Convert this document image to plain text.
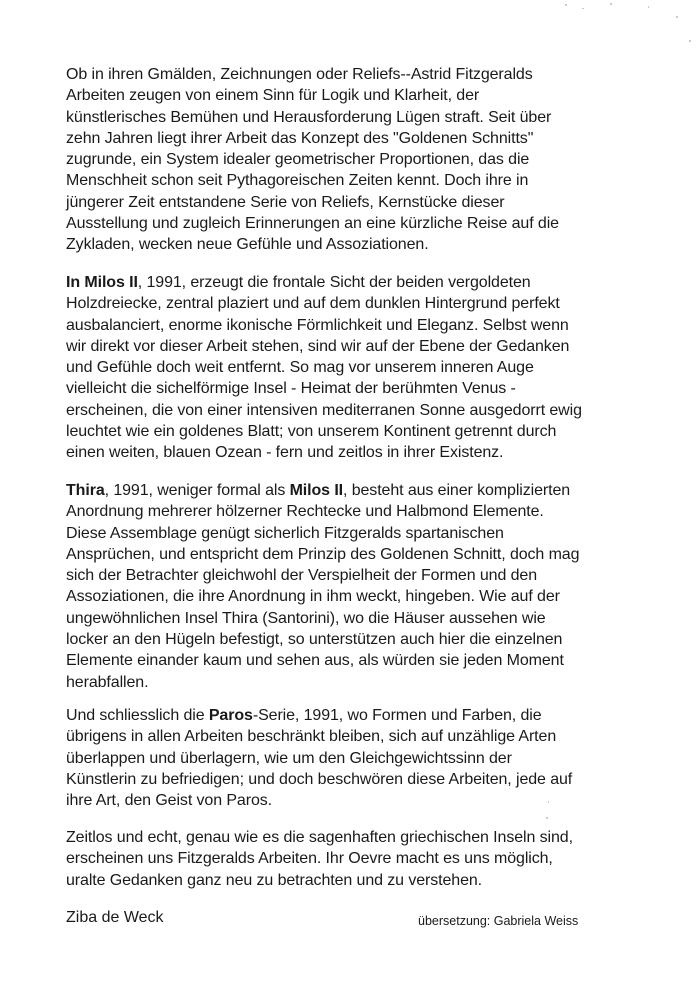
Ob in ihren Gmälden, Zeichnungen oder Reliefs--Astrid Fitzgeralds
Arbeiten zeugen von einem Sinn für Logik und Klarheit, der
künstlerisches Bemühen und Herausforderung Lügen straft. Seit über
zehn Jahren liegt ihrer Arbeit das Konzept des "Goldenen Schnitts"
zugrunde, ein System idealer geometrischer Proportionen, das die
Menschheit schon seit Pythagoreischen Zeiten kennt. Doch ihre in
jüngerer Zeit entstandene Serie von Reliefs, Kernstücke dieser
Ausstellung und zugleich Erinnerungen an eine kürzliche Reise auf die
Zykladen, wecken neue Gefühle und Assoziationen.
In Milos II, 1991, erzeugt die frontale Sicht der beiden vergoldeten
Holzdreiecke, zentral plaziert und auf dem dunklen Hintergrund perfekt
ausbalanciert, enorme ikonische Förmlichkeit und Eleganz. Selbst wenn
wir direkt vor dieser Arbeit stehen, sind wir auf der Ebene der Gedanken
und Gefühle doch weit entfernt. So mag vor unserem inneren Auge
vielleicht die sichelförmige Insel - Heimat der berühmten Venus -
erscheinen, die von einer intensiven mediterranen Sonne ausgedorrt ewig
leuchtet wie ein goldenes Blatt; von unserem Kontinent getrennt durch
einen weiten, blauen Ozean - fern und zeitlos in ihrer Existenz.
Thira, 1991, weniger formal als Milos II, besteht aus einer komplizierten
Anordnung mehrerer hölzerner Rechtecke und Halbmond Elemente.
Diese Assemblage genügt sicherlich Fitzgeralds spartanischen
Ansprüchen, und entspricht dem Prinzip des Goldenen Schnitt, doch mag
sich der Betrachter gleichwohl der Verspielheit der Formen und den
Assoziationen, die ihre Anordnung in ihm weckt, hingeben. Wie auf der
ungewöhnlichen Insel Thira (Santorini), wo die Häuser aussehen wie
locker an den Hügeln befestigt, so unterstützen auch hier die einzelnen
Elemente einander kaum und sehen aus, als würden sie jeden Moment
herabfallen.
Und schliesslich die Paros-Serie, 1991, wo Formen und Farben, die
übrigens in allen Arbeiten beschränkt bleiben, sich auf unzählige Arten
überlappen und überlagern, wie um den Gleichgewichtssinn der
Künstlerin zu befriedigen; und doch beschwören diese Arbeiten, jede auf
ihre Art, den Geist von Paros.
Zeitlos und echt, genau wie es die sagenhaften griechischen Inseln sind,
erscheinen uns Fitzgeralds Arbeiten. Ihr Oevre macht es uns möglich,
uralte Gedanken ganz neu zu betrachten und zu verstehen.
Ziba de Weck	übersetzung: Gabriela Weiss
